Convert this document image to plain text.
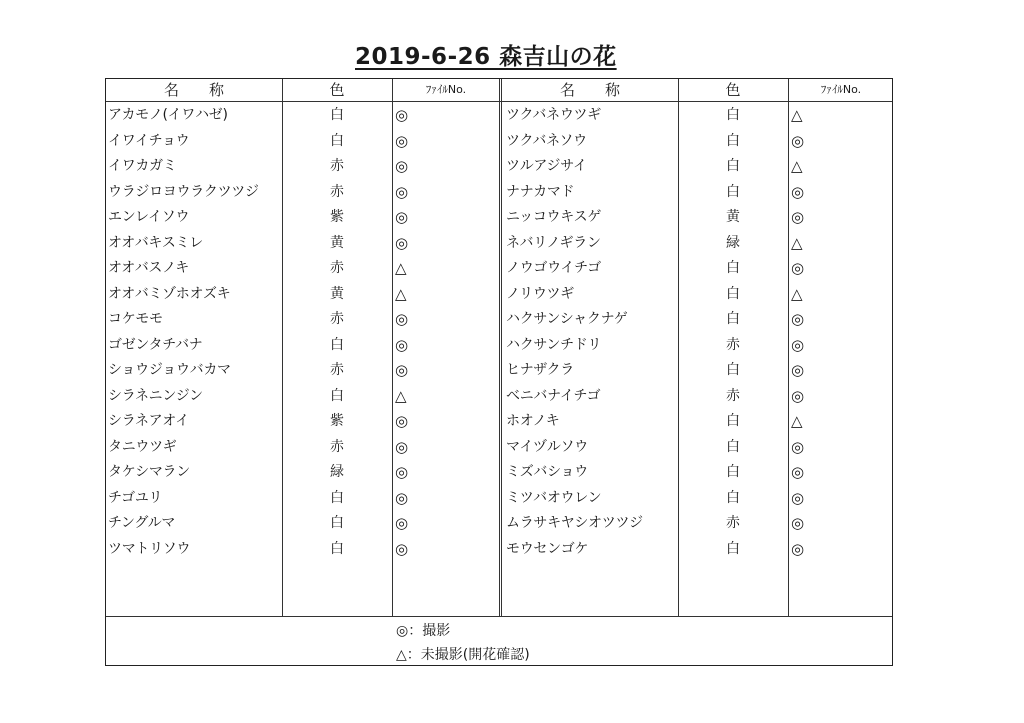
2019-6-26 森吉山の花
名　　称	色	ﾌｧｲﾙNo.	名　　称	色	ﾌｧｲﾙNo.
アカモノ(イワハゼ)	白	◎	ツクバネウツギ	白	△
イワイチョウ	白	◎	ツクバネソウ	白	◎
イワカガミ	赤	◎	ツルアジサイ	白	△
ウラジロヨウラクツツジ	赤	◎	ナナカマド	白	◎
エンレイソウ	紫	◎	ニッコウキスゲ	黄	◎
オオバキスミレ	黄	◎	ネバリノギラン	緑	△
オオバスノキ	赤	△	ノウゴウイチゴ	白	◎
オオバミゾホオズキ	黄	△	ノリウツギ	白	△
コケモモ	赤	◎	ハクサンシャクナゲ	白	◎
ゴゼンタチバナ	白	◎	ハクサンチドリ	赤	◎
ショウジョウバカマ	赤	◎	ヒナザクラ	白	◎
シラネニンジン	白	△	ベニバナイチゴ	赤	◎
シラネアオイ	紫	◎	ホオノキ	白	△
タニウツギ	赤	◎	マイヅルソウ	白	◎
タケシマラン	緑	◎	ミズバショウ	白	◎
チゴユリ	白	◎	ミツバオウレン	白	◎
チングルマ	白	◎	ムラサキヤシオツツジ	赤	◎
ツマトリソウ	白	◎	モウセンゴケ	白	◎
◎：撮影
△：未撮影(開花確認)
